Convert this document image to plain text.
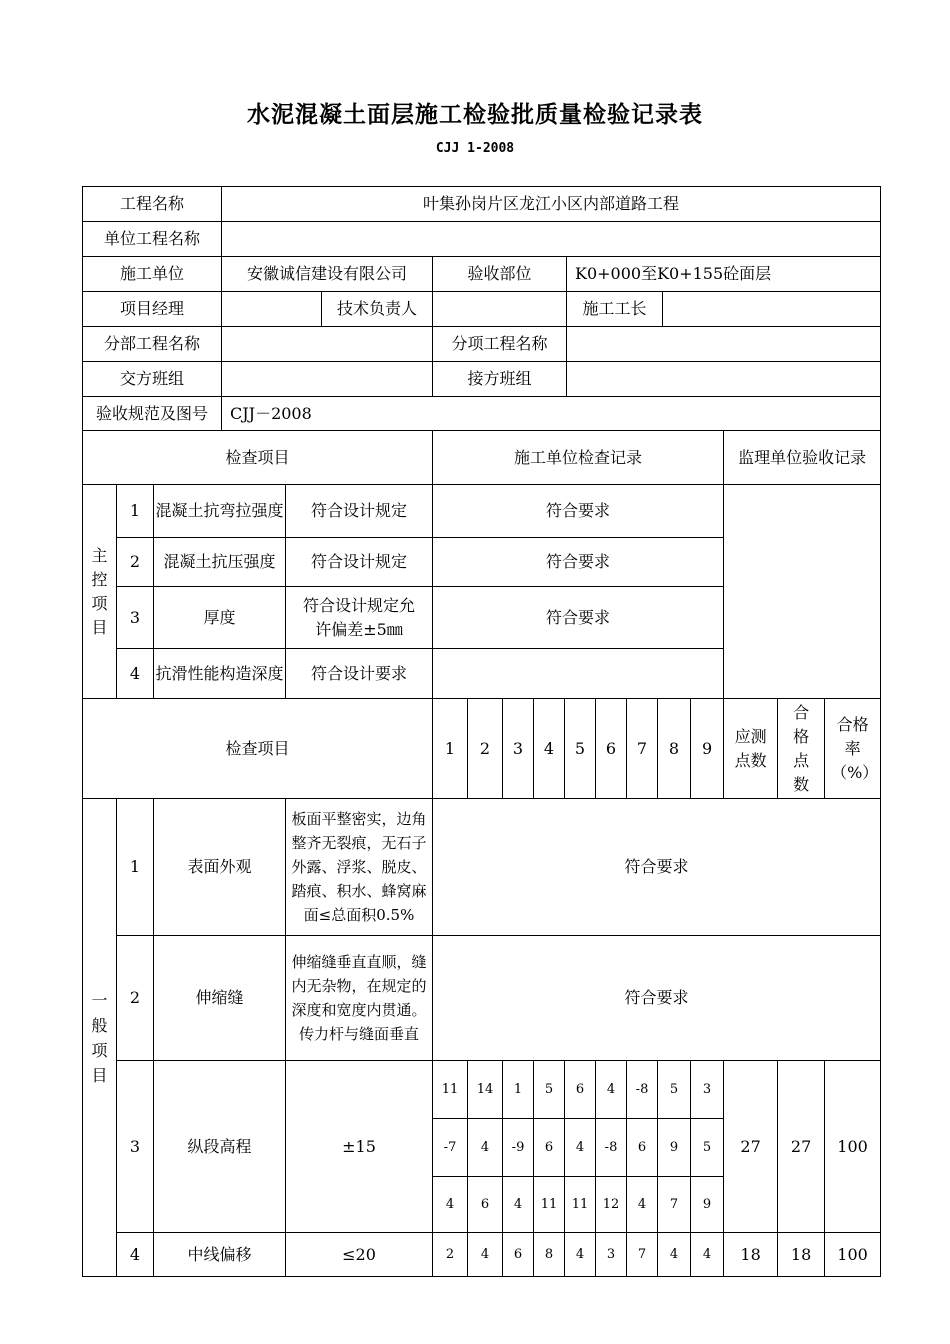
水泥混凝土面层施工检验批质量检验记录表
CJJ 1-2008
工程名称	叶集孙岗片区龙江小区内部道路工程				
单位工程名称					
施工单位	安徽诚信建设有限公司		验收部位	K0+000至K0+155砼面层	
项目经理		技术负责人		施工工长	
分部工程名称			分项工程名称		
交方班组			接方班组		
验收规范及图号	CJJ－2008				
检查项目				施工单位检查记录									监理单位验收记录		
主控项目	1	混凝土抗弯拉强度	符合设计规定	符合要求											
	2	混凝土抗压强度	符合设计规定	符合要求											
	3	厚度	符合设计规定允许偏差±5㎜	符合要求											
	4	抗滑性能构造深度	符合设计要求												
检查项目				1	2	3	4	5	6	7	8	9	应测点数	合格点数	合格率（%）
一般项目	1	表面外观	板面平整密实，边角整齐无裂痕，无石子外露、浮浆、脱皮、踏痕、积水、蜂窝麻面≤总面积0.5%	符合要求											
	2	伸缩缝	伸缩缝垂直直顺，缝内无杂物，在规定的深度和宽度内贯通。传力杆与缝面垂直	符合要求											
	3	纵段高程	±15	11	14	1	5	6	4	-8	5	3	27	27	100
				-7	4	-9	6	4	-8	6	9	5			
				4	6	4	11	11	12	4	7	9			
	4	中线偏移	≤20	2	4	6	8	4	3	7	4	4	18	18	100
